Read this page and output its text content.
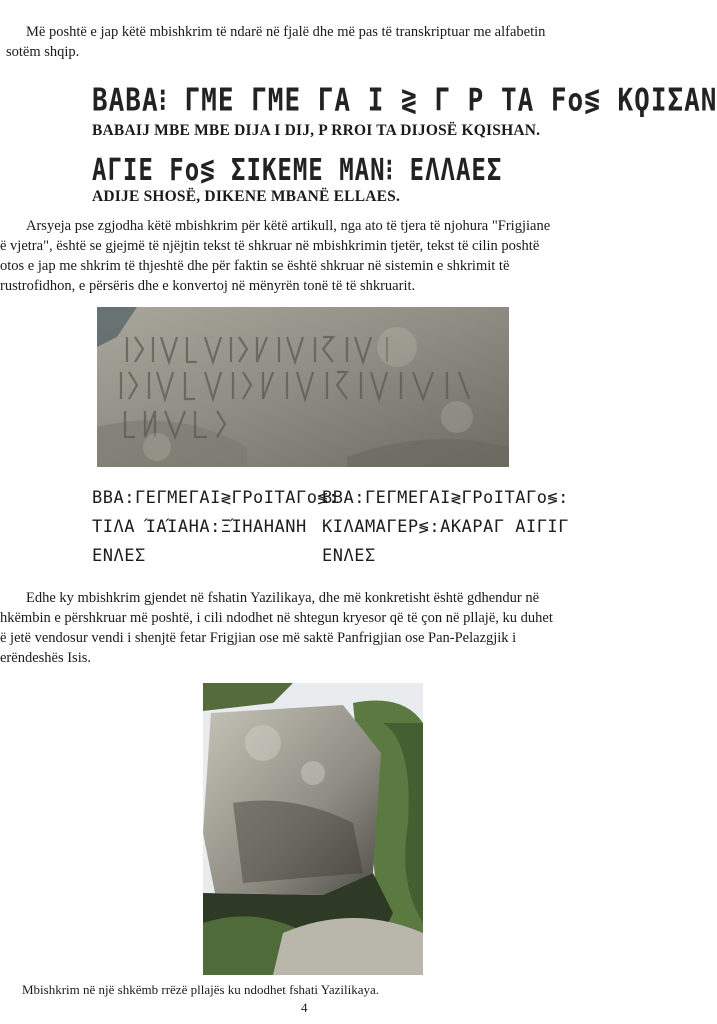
Më poshtë e jap këtë mbishkrim të ndarë në fjalë dhe më pas të transkriptuar me alfabetin
sotëm shqip.
ΒΑΒΑ⁝ ΓΜΕ ΓΜΕ ΓΑ Ι ≷ Γ Ρ TA Ϝο≶ ΚϘΙΣΑΝ
BABAIJ MBE MBE DIJA I DIJ, P RROI TA DIJOSË KQISHAN.
ΑΓΙΕ Ϝο≶ ΣΙΚΕΜΕ ΜΑΝ⁝ ΕΛΛΑΕΣ
ADIJE SHOSË, DIKENE MBANË ELLAES.
Arsyeja pse zgjodha këtë mbishkrim për këtë artikull, nga ato të tjera të njohura "Frigjiane
ë vjetra", është se gjejmë të njëjtin tekst të shkruar në mbishkrimin tjetër, tekst të cilin poshtë
otos e jap me shkrim të thjeshtë dhe për faktin se është shkruar në sistemin e shkrimit të
rustrofidhon, e përsëris dhe e konvertoj në mënyrën tonë të të shkruarit.
BBA:ΓΕΓΜΕΓΑΙ≷ΓΡοΙΤΑΓο≶:
ΤΙΛΑ ΊΑΊΑΗΑ:ΞΊΗΑΗΑΝΗ
ΕΝΛΕΣ
BBA:ΓΕΓΜΕΓΑΙ≷ΓΡοΙΤΑΓο≶:
ΚΙΛΑΜΑΓΕΡ≶:ΑΚΑΡΑΓ ΑΙΓΙΓ
ΕΝΛΕΣ
Edhe ky mbishkrim gjendet në fshatin Yazilikaya, dhe më konkretisht është gdhendur në
hkëmbin e përshkruar më poshtë, i cili ndodhet në shtegun kryesor që të çon në pllajë, ku duhet
ë jetë vendosur vendi i shenjtë fetar Frigjian ose më saktë Panfrigjian ose Pan-Pelazgjik i
erëndeshës Isis.
Mbishkrim në një shkëmb rrëzë pllajës ku ndodhet fshati Yazilikaya.
4
